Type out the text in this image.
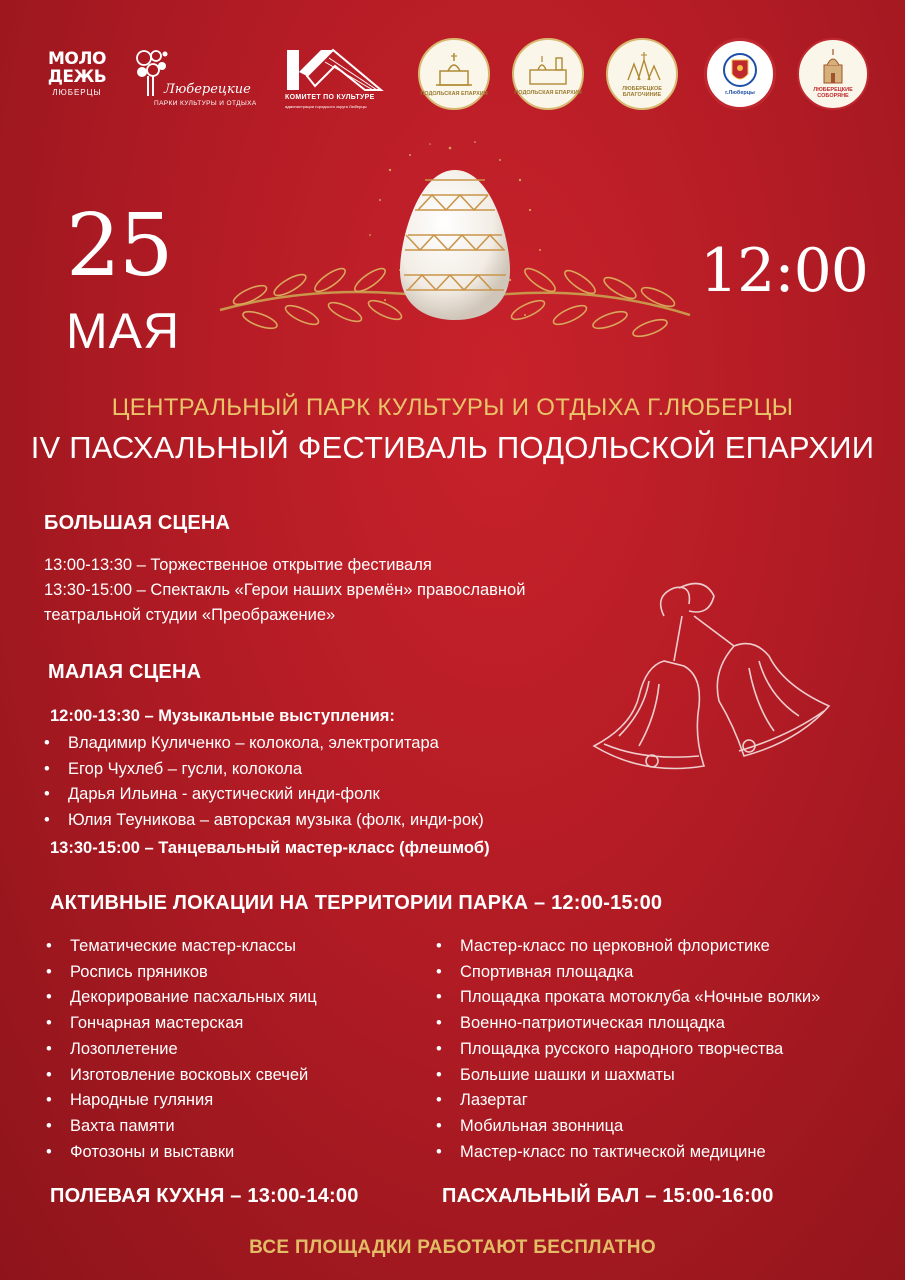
МОЛО
ДЕЖЬ
ЛЮБЕРЦЫ	Люберецкие
ПАРКИ КУЛЬТУРЫ И ОТДЫХА
КОМИТЕТ ПО КУЛЬТУРЕ
администрации городского округа Люберцы
ПОДОЛЬСКАЯ ЕПАРХИЯ	ПОДОЛЬСКАЯ ЕПАРХИЯ
ЛЮБЕРЕЦКОЕ БЛАГОЧИНИЕ	г.Люберцы	ЛЮБЕРЕЦКИЕ СОБОРЯНЕ
25
МАЯ
12:00
ЦЕНТРАЛЬНЫЙ ПАРК КУЛЬТУРЫ И ОТДЫХА Г.ЛЮБЕРЦЫ
IV ПАСХАЛЬНЫЙ ФЕСТИВАЛЬ ПОДОЛЬСКОЙ ЕПАРХИИ
БОЛЬШАЯ СЦЕНА
13:00-13:30 – Торжественное открытие фестиваля
13:30-15:00 – Спектакль «Герои наших времён» православной
театральной студии «Преображение»
МАЛАЯ СЦЕНА
12:00-13:30 – Музыкальные выступления:
• Владимир Куличенко – колокола, электрогитара
• Егор Чухлеб – гусли, колокола
• Дарья Ильина - акустический инди-фолк
• Юлия Теуникова – авторская музыка (фолк, инди-рок)
13:30-15:00 – Танцевальный мастер-класс (флешмоб)
АКТИВНЫЕ ЛОКАЦИИ НА ТЕРРИТОРИИ ПАРКА – 12:00-15:00
• Тематические мастер-классы
• Роспись пряников
• Декорирование пасхальных яиц
• Гончарная мастерская
• Лозоплетение
• Изготовление восковых свечей
• Народные гуляния
• Вахта памяти
• Фотозоны и выставки
• Мастер-класс по церковной флористике
• Спортивная площадка
• Площадка проката мотоклуба «Ночные волки»
• Военно-патриотическая площадка
• Площадка русского народного творчества
• Большие шашки и шахматы
• Лазертаг
• Мобильная звонница
• Мастер-класс по тактической медицине
ПОЛЕВАЯ КУХНЯ – 13:00-14:00	ПАСХАЛЬНЫЙ БАЛ – 15:00-16:00
ВСЕ ПЛОЩАДКИ РАБОТАЮТ БЕСПЛАТНО
